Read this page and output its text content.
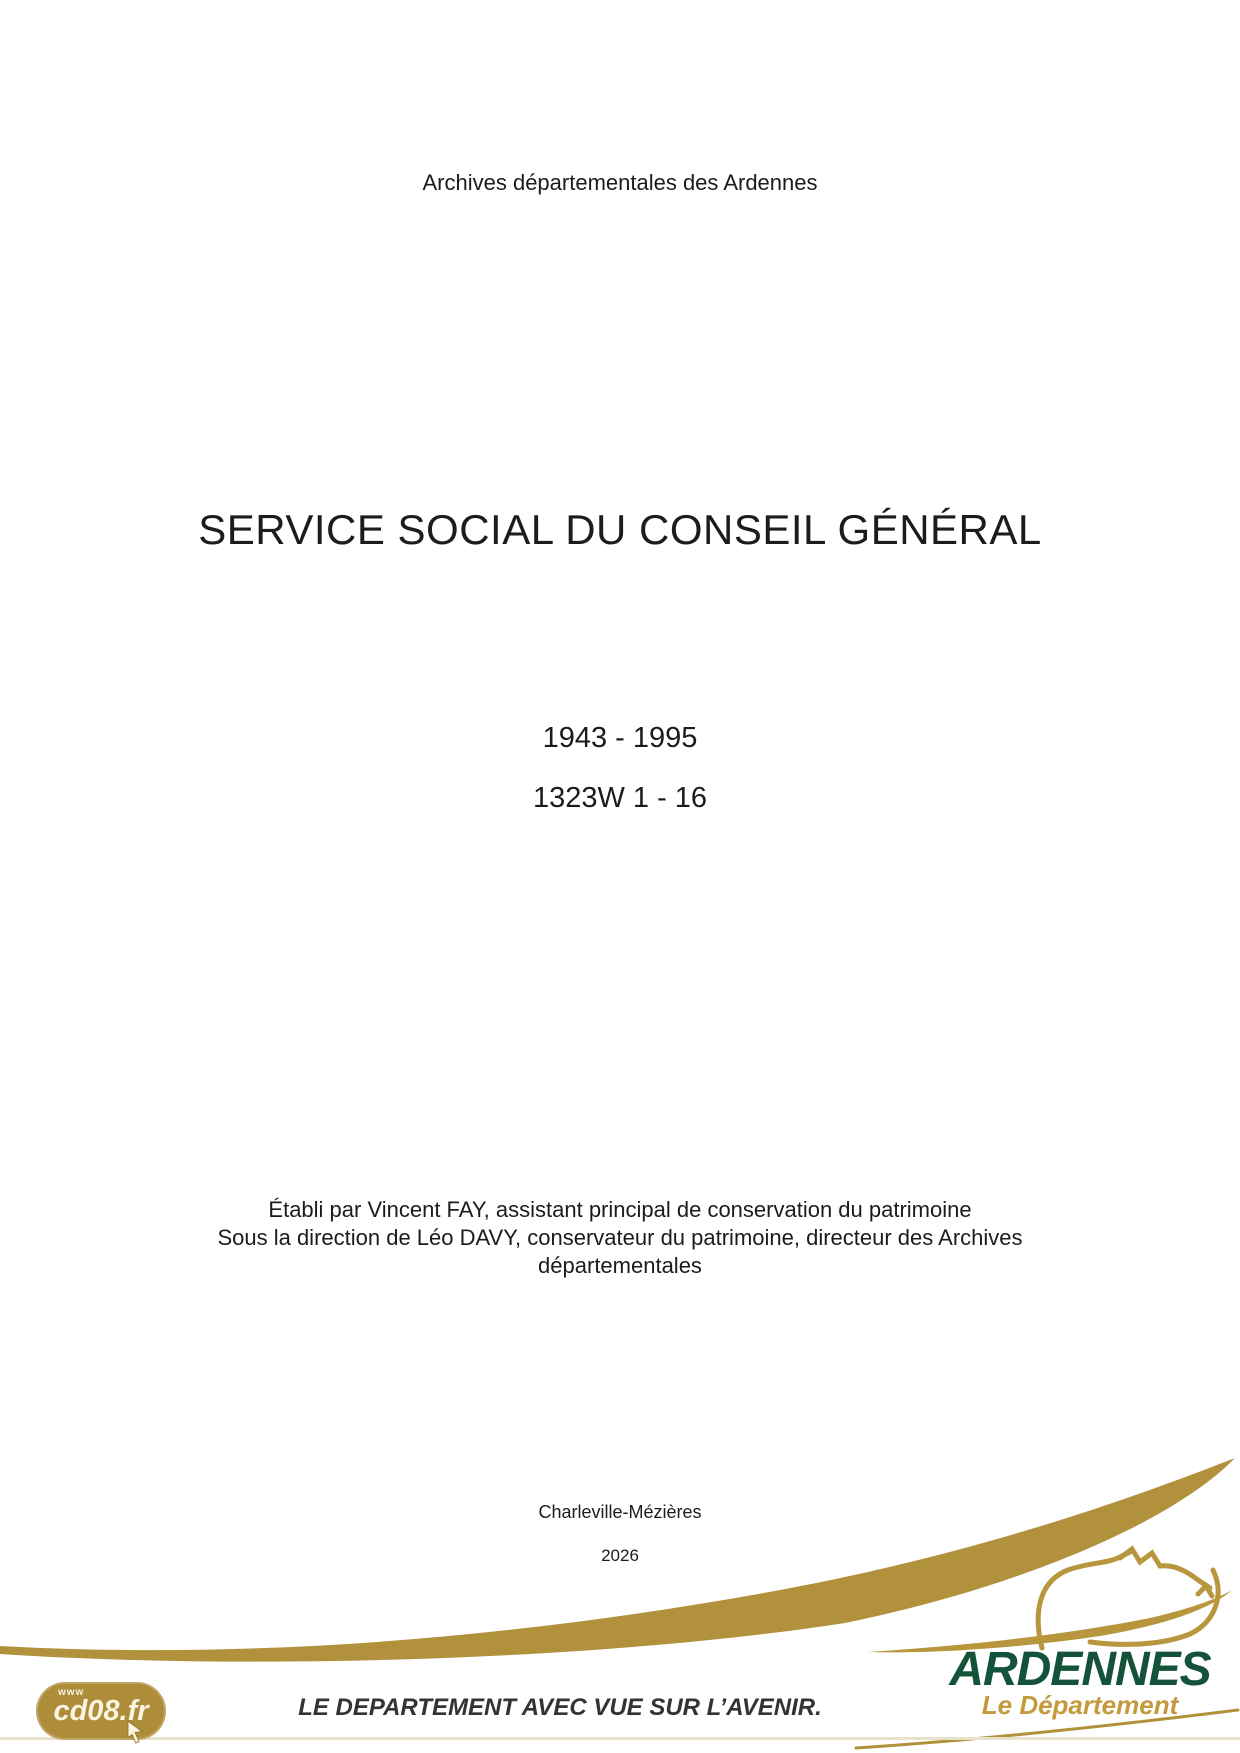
Archives départementales des Ardennes
SERVICE SOCIAL DU CONSEIL GÉNÉRAL
1943 - 1995
1323W 1 - 16
Établi par Vincent FAY, assistant principal de conservation du patrimoine
Sous la direction de Léo DAVY, conservateur du patrimoine, directeur des Archives
départementales
Charleville-Mézières
2026
www
cd08.fr	LE DEPARTEMENT AVEC VUE SUR L’AVENIR.
ARDENNES
Le Département
